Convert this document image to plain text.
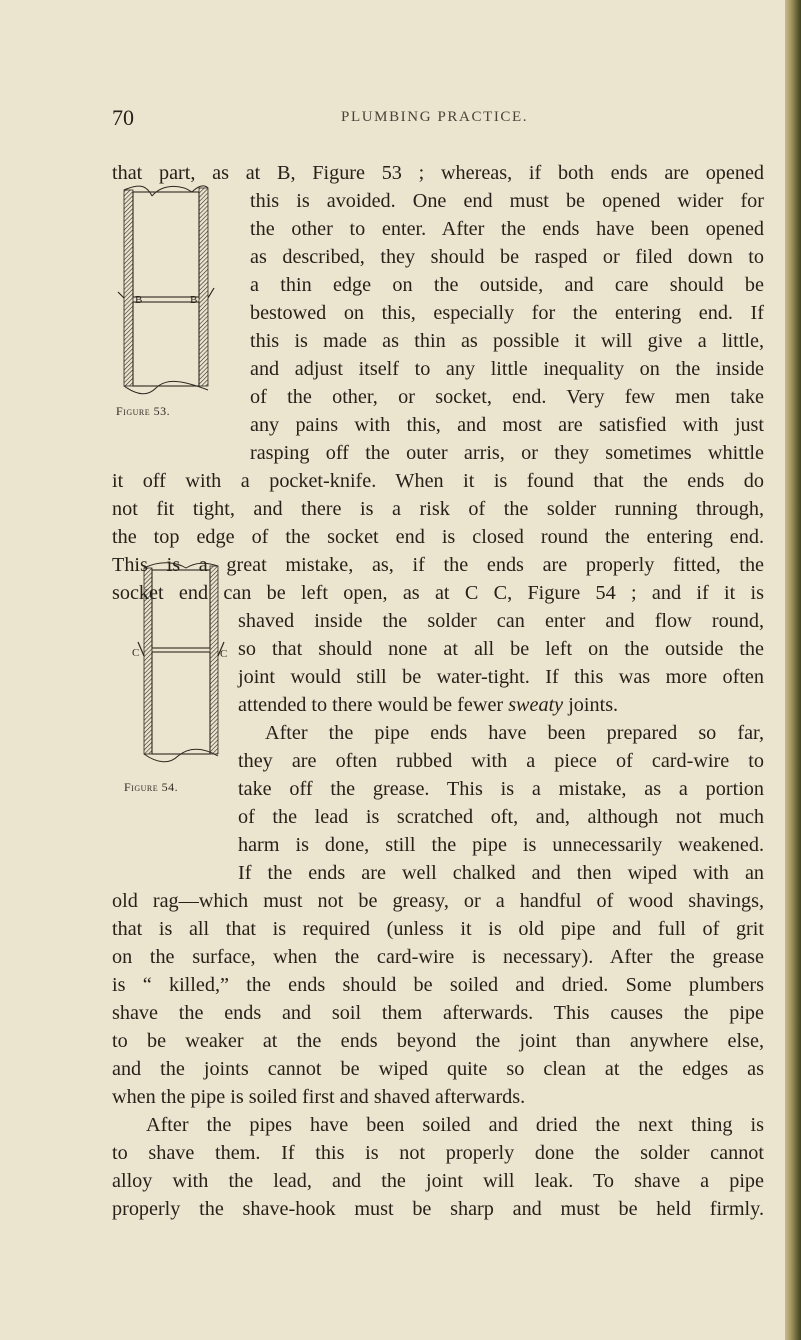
70	PLUMBING PRACTICE.
B	B
Figure 53.
C	C
Figure 54.
that part, as at B, Figure 53 ; whereas, if both ends are opened
this is avoided. One end must be opened wider for
the other to enter. After the ends have been opened
as described, they should be rasped or filed down to
a thin edge on the outside, and care should be
bestowed on this, especially for the entering end. If
this is made as thin as possible it will give a little,
and adjust itself to any little inequality on the inside
of the other, or socket, end. Very few men take
any pains with this, and most are satisfied with just
rasping off the outer arris, or they sometimes whittle
it off with a pocket-knife. When it is found that the ends do
not fit tight, and there is a risk of the solder running through,
the top edge of the socket end is closed round the entering end.
This is a great mistake, as, if the ends are properly fitted, the
socket end can be left open, as at C C, Figure 54 ; and if it is
shaved inside the solder can enter and flow round,
so that should none at all be left on the outside the
joint would still be water-tight. If this was more often
attended to there would be fewer sweaty joints.
After the pipe ends have been prepared so far,
they are often rubbed with a piece of card-wire to
take off the grease. This is a mistake, as a portion
of the lead is scratched oft, and, although not much
harm is done, still the pipe is unnecessarily weakened.
If the ends are well chalked and then wiped with an
old rag—which must not be greasy, or a handful of wood shavings,
that is all that is required (unless it is old pipe and full of grit
on the surface, when the card-wire is necessary). After the grease
is “ killed,” the ends should be soiled and dried. Some plumbers
shave the ends and soil them afterwards. This causes the pipe
to be weaker at the ends beyond the joint than anywhere else,
and the joints cannot be wiped quite so clean at the edges as
when the pipe is soiled first and shaved afterwards.
After the pipes have been soiled and dried the next thing is
to shave them. If this is not properly done the solder cannot
alloy with the lead, and the joint will leak. To shave a pipe
properly the shave-hook must be sharp and must be held firmly.
